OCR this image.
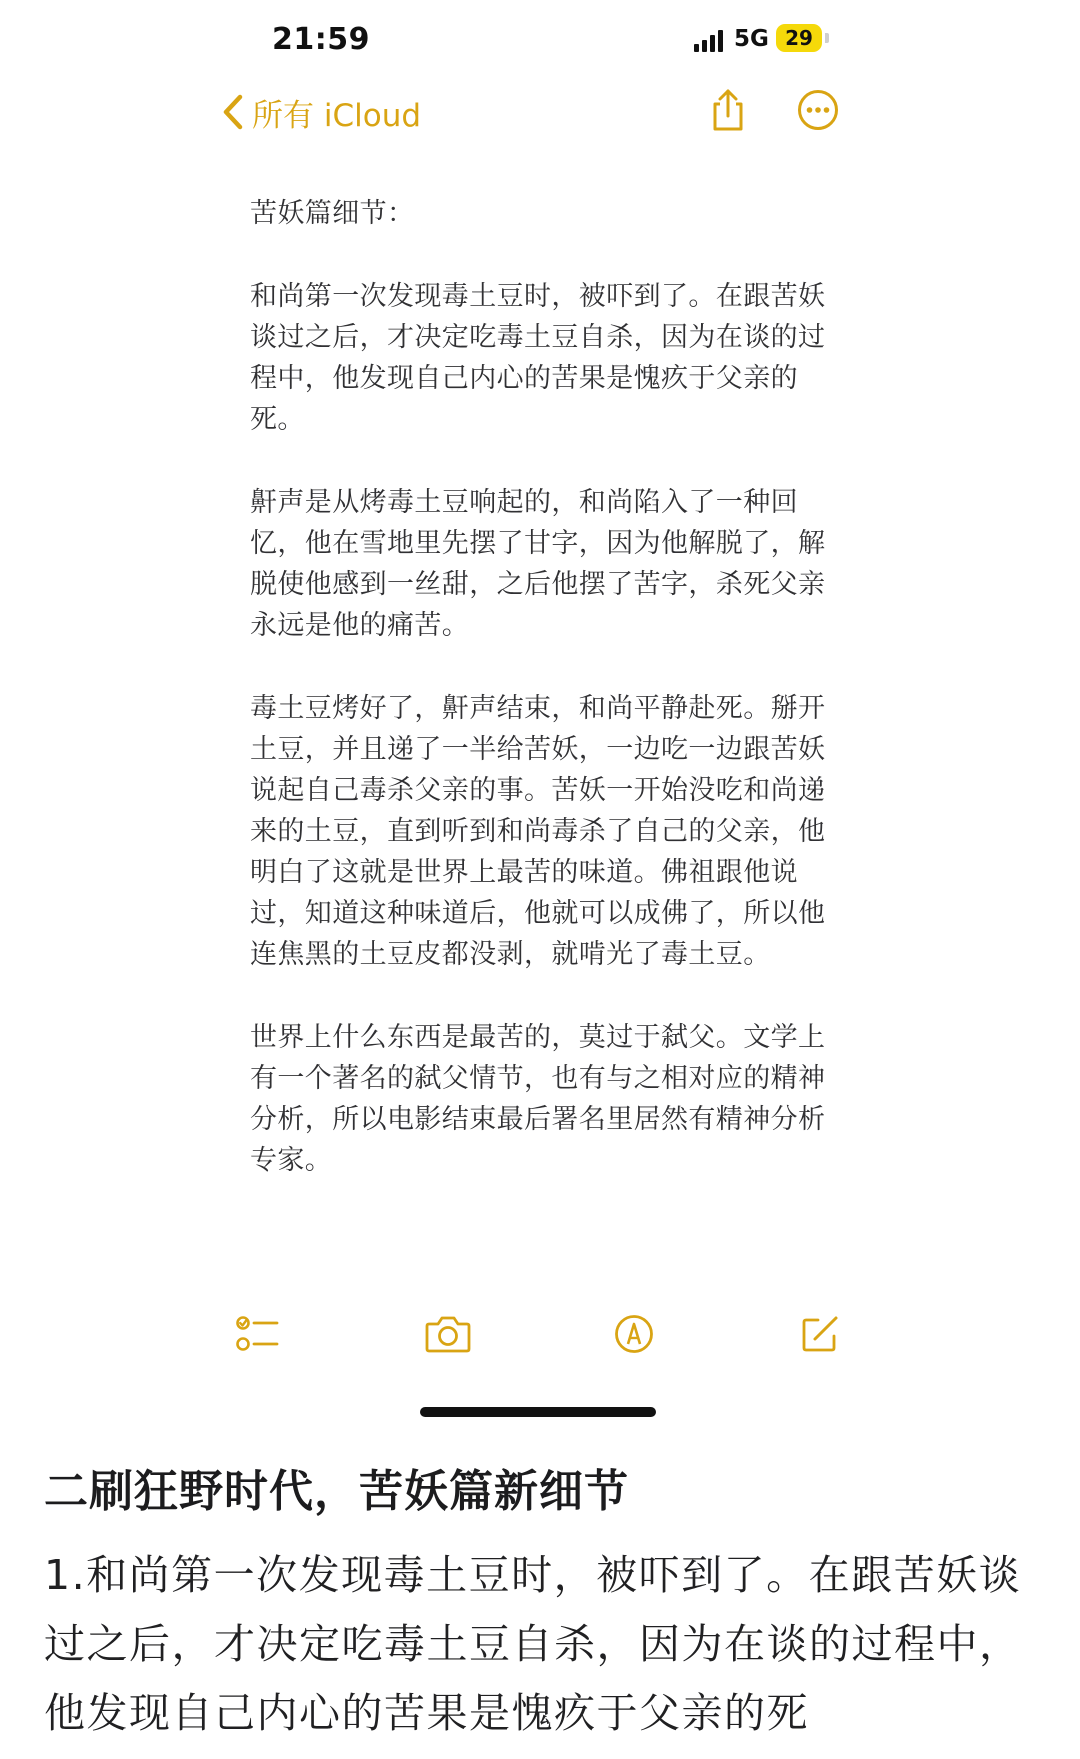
21:59	5G 29
所有 iCloud

苦妖篇细节：

和尚第一次发现毒土豆时，被吓到了。在跟苦妖谈过之后，才决定吃毒土豆自杀，因为在谈的过程中，他发现自己内心的苦果是愧疚于父亲的死。

鼾声是从烤毒土豆响起的，和尚陷入了一种回忆，他在雪地里先摆了甘字，因为他解脱了，解脱使他感到一丝甜，之后他摆了苦字，杀死父亲永远是他的痛苦。

毒土豆烤好了，鼾声结束，和尚平静赴死。掰开土豆，并且递了一半给苦妖，一边吃一边跟苦妖说起自己毒杀父亲的事。苦妖一开始没吃和尚递来的土豆，直到听到和尚毒杀了自己的父亲，他明白了这就是世界上最苦的味道。佛祖跟他说过，知道这种味道后，他就可以成佛了，所以他连焦黑的土豆皮都没剥，就啃光了毒土豆。

世界上什么东西是最苦的，莫过于弑父。文学上有一个著名的弑父情节，也有与之相对应的精神分析，所以电影结束最后署名里居然有精神分析专家。

二刷狂野时代，苦妖篇新细节

1.和尚第一次发现毒土豆时，被吓到了。在跟苦妖谈过之后，才决定吃毒土豆自杀，因为在谈的过程中，他发现自己内心的苦果是愧疚于父亲的死
